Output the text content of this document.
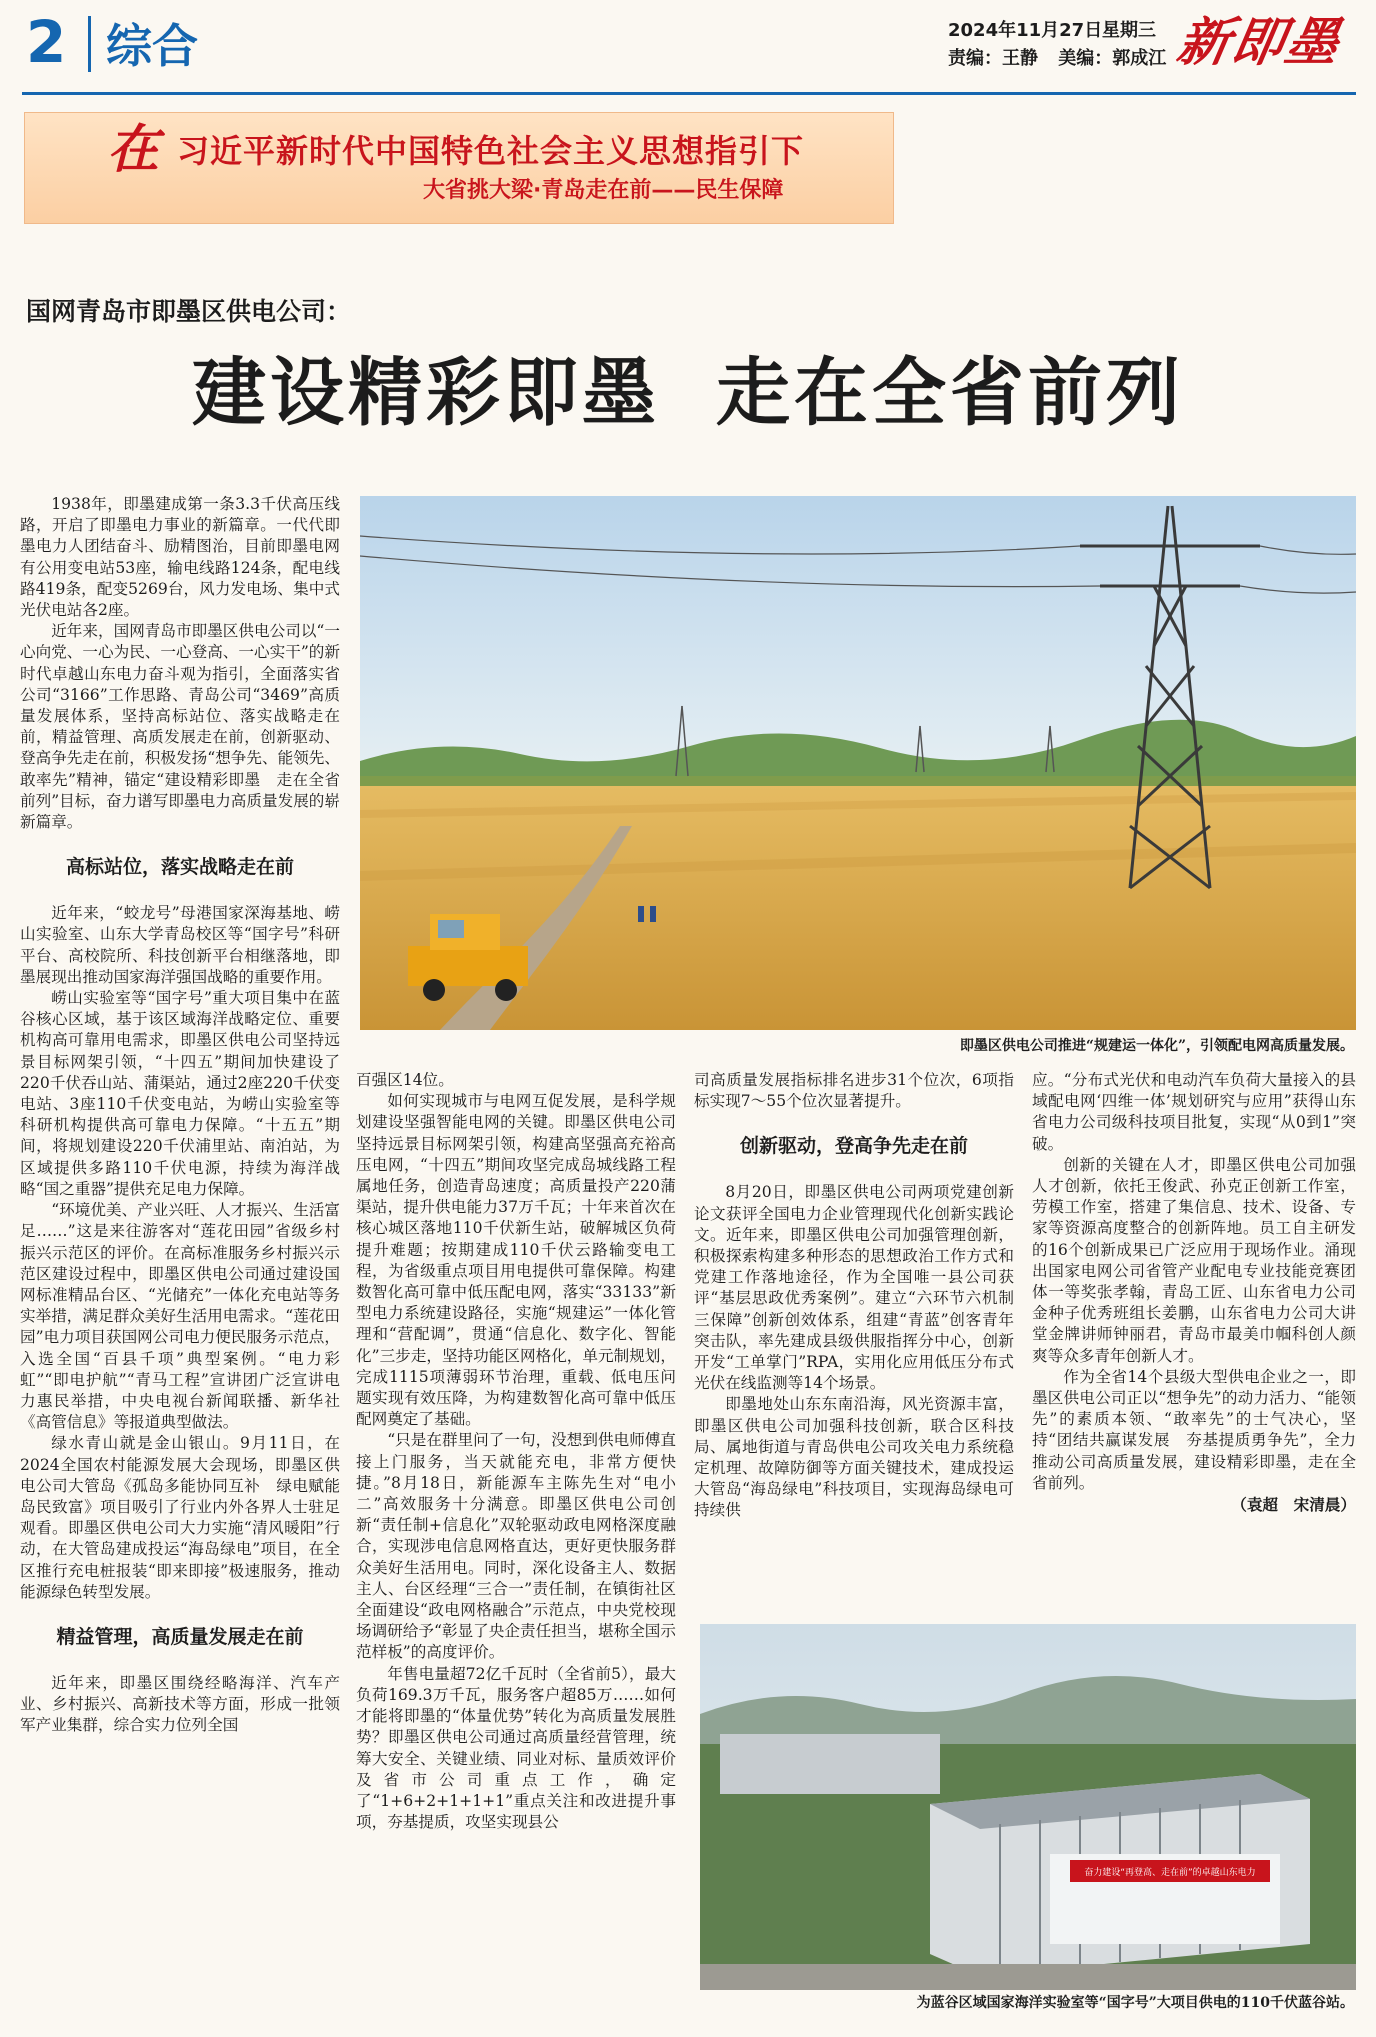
2 综合	2024年11月27日 星期三
责编：王静 美编：郭成江 新即墨
在 习近平新时代中国特色社会主义思想指引下
大省挑大梁·青岛走在前——民生保障
国网青岛市即墨区供电公司：
建设精彩即墨 走在全省前列
即墨区供电公司推进“规建运一体化”，引领配电网高质量发展。
奋力建设“再登高、走在前”的卓越山东电力
为蓝谷区域国家海洋实验室等“国字号”大项目供电的110千伏蓝谷站。

1938年，即墨建成第一条3.3千伏高压线路，开启了即墨电力事业的新篇章。一代代即墨电力人团结奋斗、励精图治，目前即墨电网有公用变电站53座，输电线路124条，配电线路419条，配变5269台，风力发电场、集中式光伏电站各2座。

近年来，国网青岛市即墨区供电公司以“一心向党、一心为民、一心登高、一心实干”的新时代卓越山东电力奋斗观为指引，全面落实省公司“3166”工作思路、青岛公司“3469”高质量发展体系，坚持高标站位、落实战略走在前，精益管理、高质发展走在前，创新驱动、登高争先走在前，积极发扬“想争先、能领先、敢率先”精神，锚定“建设精彩即墨　走在全省前列”目标，奋力谱写即墨电力高质量发展的崭新篇章。

高标站位，落实战略走在前

近年来，“蛟龙号”母港国家深海基地、崂山实验室、山东大学青岛校区等“国字号”科研平台、高校院所、科技创新平台相继落地，即墨展现出推动国家海洋强国战略的重要作用。

崂山实验室等“国字号”重大项目集中在蓝谷核心区域，基于该区域海洋战略定位、重要机构高可靠用电需求，即墨区供电公司坚持远景目标网架引领，“十四五”期间加快建设了220千伏吞山站、蒲渠站，通过2座220千伏变电站、3座110千伏变电站，为崂山实验室等科研机构提供高可靠电力保障。“十五五”期间，将规划建设220千伏浦里站、南泊站，为区域提供多路110千伏电源，持续为海洋战略“国之重器”提供充足电力保障。

“环境优美、产业兴旺、人才振兴、生活富足……”这是来往游客对“莲花田园”省级乡村振兴示范区的评价。在高标准服务乡村振兴示范区建设过程中，即墨区供电公司通过建设国网标准精品台区、“光储充”一体化充电站等务实举措，满足群众美好生活用电需求。“莲花田园”电力项目获国网公司电力便民服务示范点，入选全国“百县千项”典型案例。“电力彩虹”“即电护航”“青马工程”宣讲团广泛宣讲电力惠民举措，中央电视台新闻联播、新华社《高管信息》等报道典型做法。

绿水青山就是金山银山。9月11日，在2024全国农村能源发展大会现场，即墨区供电公司大管岛《孤岛多能协同互补　绿电赋能岛民致富》项目吸引了行业内外各界人士驻足观看。即墨区供电公司大力实施“清风暖阳”行动，在大管岛建成投运“海岛绿电”项目，在全区推行充电桩报装“即来即接”极速服务，推动能源绿色转型发展。

精益管理，高质量发展走在前

近年来，即墨区围绕经略海洋、汽车产业、乡村振兴、高新技术等方面，形成一批领军产业集群，综合实力位列全国

百强区14位。

如何实现城市与电网互促发展，是科学规划建设坚强智能电网的关键。即墨区供电公司坚持远景目标网架引领，构建高坚强高充裕高压电网，“十四五”期间攻坚完成岛城线路工程属地任务，创造青岛速度；高质量投产220蒲渠站，提升供电能力37万千瓦；十年来首次在核心城区落地110千伏新生站，破解城区负荷提升难题；按期建成110千伏云路输变电工程，为省级重点项目用电提供可靠保障。构建数智化高可靠中低压配电网，落实“33133”新型电力系统建设路径，实施“规建运”一体化管理和“营配调”，贯通“信息化、数字化、智能化”三步走，坚持功能区网格化，单元制规划，完成1115项薄弱环节治理，重载、低电压问题实现有效压降，为构建数智化高可靠中低压配网奠定了基础。

“只是在群里问了一句，没想到供电师傅直接上门服务，当天就能充电，非常方便快捷。”8月18日，新能源车主陈先生对“电小二”高效服务十分满意。即墨区供电公司创新“责任制+信息化”双轮驱动政电网格深度融合，实现涉电信息网格直达，更好更快服务群众美好生活用电。同时，深化设备主人、数据主人、台区经理“三合一”责任制，在镇街社区全面建设“政电网格融合”示范点，中央党校现场调研给予“彰显了央企责任担当，堪称全国示范样板”的高度评价。

年售电量超72亿千瓦时（全省前5），最大负荷169.3万千瓦，服务客户超85万……如何才能将即墨的“体量优势”转化为高质量发展胜势？即墨区供电公司通过高质量经营管理，统筹大安全、关键业绩、同业对标、量质效评价及省市公司重点工作，确定了“1+6+2+1+1+1”重点关注和改进提升事项，夯基提质，攻坚实现县公

司高质量发展指标排名进步31个位次，6项指标实现7～55个位次显著提升。

创新驱动，登高争先走在前

8月20日，即墨区供电公司两项党建创新论文获评全国电力企业管理现代化创新实践论文。近年来，即墨区供电公司加强管理创新，积极探索构建多种形态的思想政治工作方式和党建工作落地途径，作为全国唯一县公司获评“基层思政优秀案例”。建立“六环节六机制三保障”创新创效体系，组建“青蓝”创客青年突击队，率先建成县级供服指挥分中心，创新开发“工单掌门”RPA，实用化应用低压分布式光伏在线监测等14个场景。

即墨地处山东东南沿海，风光资源丰富，即墨区供电公司加强科技创新，联合区科技局、属地街道与青岛供电公司攻关电力系统稳定机理、故障防御等方面关键技术，建成投运大管岛“海岛绿电”科技项目，实现海岛绿电可持续供

应。“分布式光伏和电动汽车负荷大量接入的县域配电网‘四维一体’规划研究与应用”获得山东省电力公司级科技项目批复，实现“从0到1”突破。

创新的关键在人才，即墨区供电公司加强人才创新，依托王俊武、孙克正创新工作室，劳模工作室，搭建了集信息、技术、设备、专家等资源高度整合的创新阵地。员工自主研发的16个创新成果已广泛应用于现场作业。涌现出国家电网公司省管产业配电专业技能竞赛团体一等奖张孝翰，青岛工匠、山东省电力公司金种子优秀班组长姜鹏，山东省电力公司大讲堂金牌讲师钟丽君，青岛市最美巾帼科创人颜爽等众多青年创新人才。

作为全省14个县级大型供电企业之一，即墨区供电公司正以“想争先”的动力活力、“能领先”的素质本领、“敢率先”的士气决心，坚持“团结共赢谋发展　夯基提质勇争先”，全力推动公司高质量发展，建设精彩即墨，走在全省前列。

（袁超　宋清晨）
